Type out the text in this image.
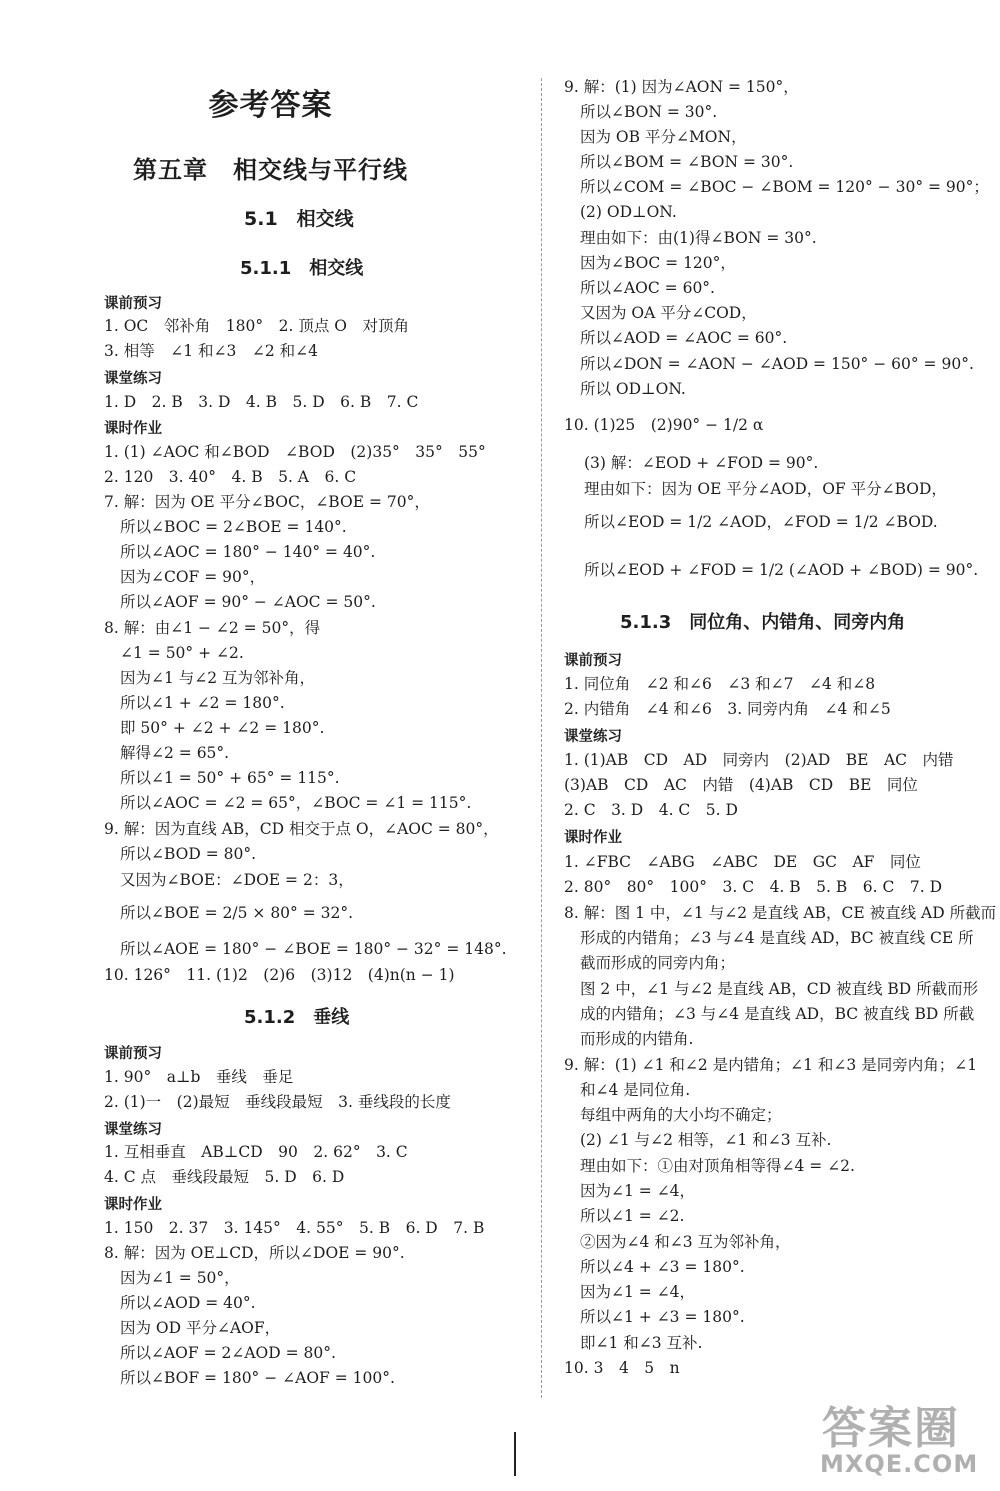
参考答案
第五章　相交线与平行线
5.1　相交线
5.1.1　相交线
课前预习
1. OC　邻补角　180°　2. 顶点 O　对顶角
3. 相等　∠1 和∠3　∠2 和∠4
课堂练习
1. D　2. B　3. D　4. B　5. D　6. B　7. C
课时作业
1. (1) ∠AOC 和∠BOD　∠BOD　(2)35°　35°　55°
2. 120　3. 40°　4. B　5. A　6. C
7. 解：因为 OE 平分∠BOC，∠BOE = 70°，
所以∠BOC = 2∠BOE = 140°.
所以∠AOC = 180° − 140° = 40°.
因为∠COF = 90°，
所以∠AOF = 90° − ∠AOC = 50°.
8. 解：由∠1 − ∠2 = 50°，得
∠1 = 50° + ∠2.
因为∠1 与∠2 互为邻补角，
所以∠1 + ∠2 = 180°.
即 50° + ∠2 + ∠2 = 180°.
解得∠2 = 65°.
所以∠1 = 50° + 65° = 115°.
所以∠AOC = ∠2 = 65°，∠BOC = ∠1 = 115°.
9. 解：因为直线 AB，CD 相交于点 O，∠AOC = 80°，
所以∠BOD = 80°.
又因为∠BOE：∠DOE = 2：3，
所以∠BOE = 2/5 × 80° = 32°.
所以∠AOE = 180° − ∠BOE = 180° − 32° = 148°.
10. 126°　11. (1)2　(2)6　(3)12　(4)n(n − 1)
5.1.2　垂线
课前预习
1. 90°　a⊥b　垂线　垂足
2. (1)一　(2)最短　垂线段最短　3. 垂线段的长度
课堂练习
1. 互相垂直　AB⊥CD　90　2. 62°　3. C
4. C 点　垂线段最短　5. D　6. D
课时作业
1. 150　2. 37　3. 145°　4. 55°　5. B　6. D　7. B
8. 解：因为 OE⊥CD，所以∠DOE = 90°.
因为∠1 = 50°，
所以∠AOD = 40°.
因为 OD 平分∠AOF，
所以∠AOF = 2∠AOD = 80°.
所以∠BOF = 180° − ∠AOF = 100°.
9. 解：(1) 因为∠AON = 150°，
所以∠BON = 30°.
因为 OB 平分∠MON，
所以∠BOM = ∠BON = 30°.
所以∠COM = ∠BOC − ∠BOM = 120° − 30° = 90°；
(2) OD⊥ON.
理由如下：由(1)得∠BON = 30°.
因为∠BOC = 120°，
所以∠AOC = 60°.
又因为 OA 平分∠COD，
所以∠AOD = ∠AOC = 60°.
所以∠DON = ∠AON − ∠AOD = 150° − 60° = 90°.
所以 OD⊥ON.
10. (1)25　(2)90° − 1/2 α
(3) 解：∠EOD + ∠FOD = 90°.
理由如下：因为 OE 平分∠AOD，OF 平分∠BOD，
所以∠EOD = 1/2 ∠AOD，∠FOD = 1/2 ∠BOD.
所以∠EOD + ∠FOD = 1/2 (∠AOD + ∠BOD) = 90°.
5.1.3　同位角、内错角、同旁内角
课前预习
1. 同位角　∠2 和∠6　∠3 和∠7　∠4 和∠8
2. 内错角　∠4 和∠6　3. 同旁内角　∠4 和∠5
课堂练习
1. (1)AB　CD　AD　同旁内　(2)AD　BE　AC　内错
(3)AB　CD　AC　内错　(4)AB　CD　BE　同位
2. C　3. D　4. C　5. D
课时作业
1. ∠FBC　∠ABG　∠ABC　DE　GC　AF　同位
2. 80°　80°　100°　3. C　4. B　5. B　6. C　7. D
8. 解：图 1 中，∠1 与∠2 是直线 AB，CE 被直线 AD 所截而
形成的内错角；∠3 与∠4 是直线 AD，BC 被直线 CE 所
截而形成的同旁内角；
图 2 中，∠1 与∠2 是直线 AB，CD 被直线 BD 所截而形
成的内错角；∠3 与∠4 是直线 AD，BC 被直线 BD 所截
而形成的内错角.
9. 解：(1) ∠1 和∠2 是内错角；∠1 和∠3 是同旁内角；∠1
和∠4 是同位角.
每组中两角的大小均不确定；
(2) ∠1 与∠2 相等，∠1 和∠3 互补.
理由如下：①由对顶角相等得∠4 = ∠2.
因为∠1 = ∠4，
所以∠1 = ∠2.
②因为∠4 和∠3 互为邻补角，
所以∠4 + ∠3 = 180°.
因为∠1 = ∠4，
所以∠1 + ∠3 = 180°.
即∠1 和∠3 互补.
10. 3　4　5　n
答案圈
MXQE.COM
